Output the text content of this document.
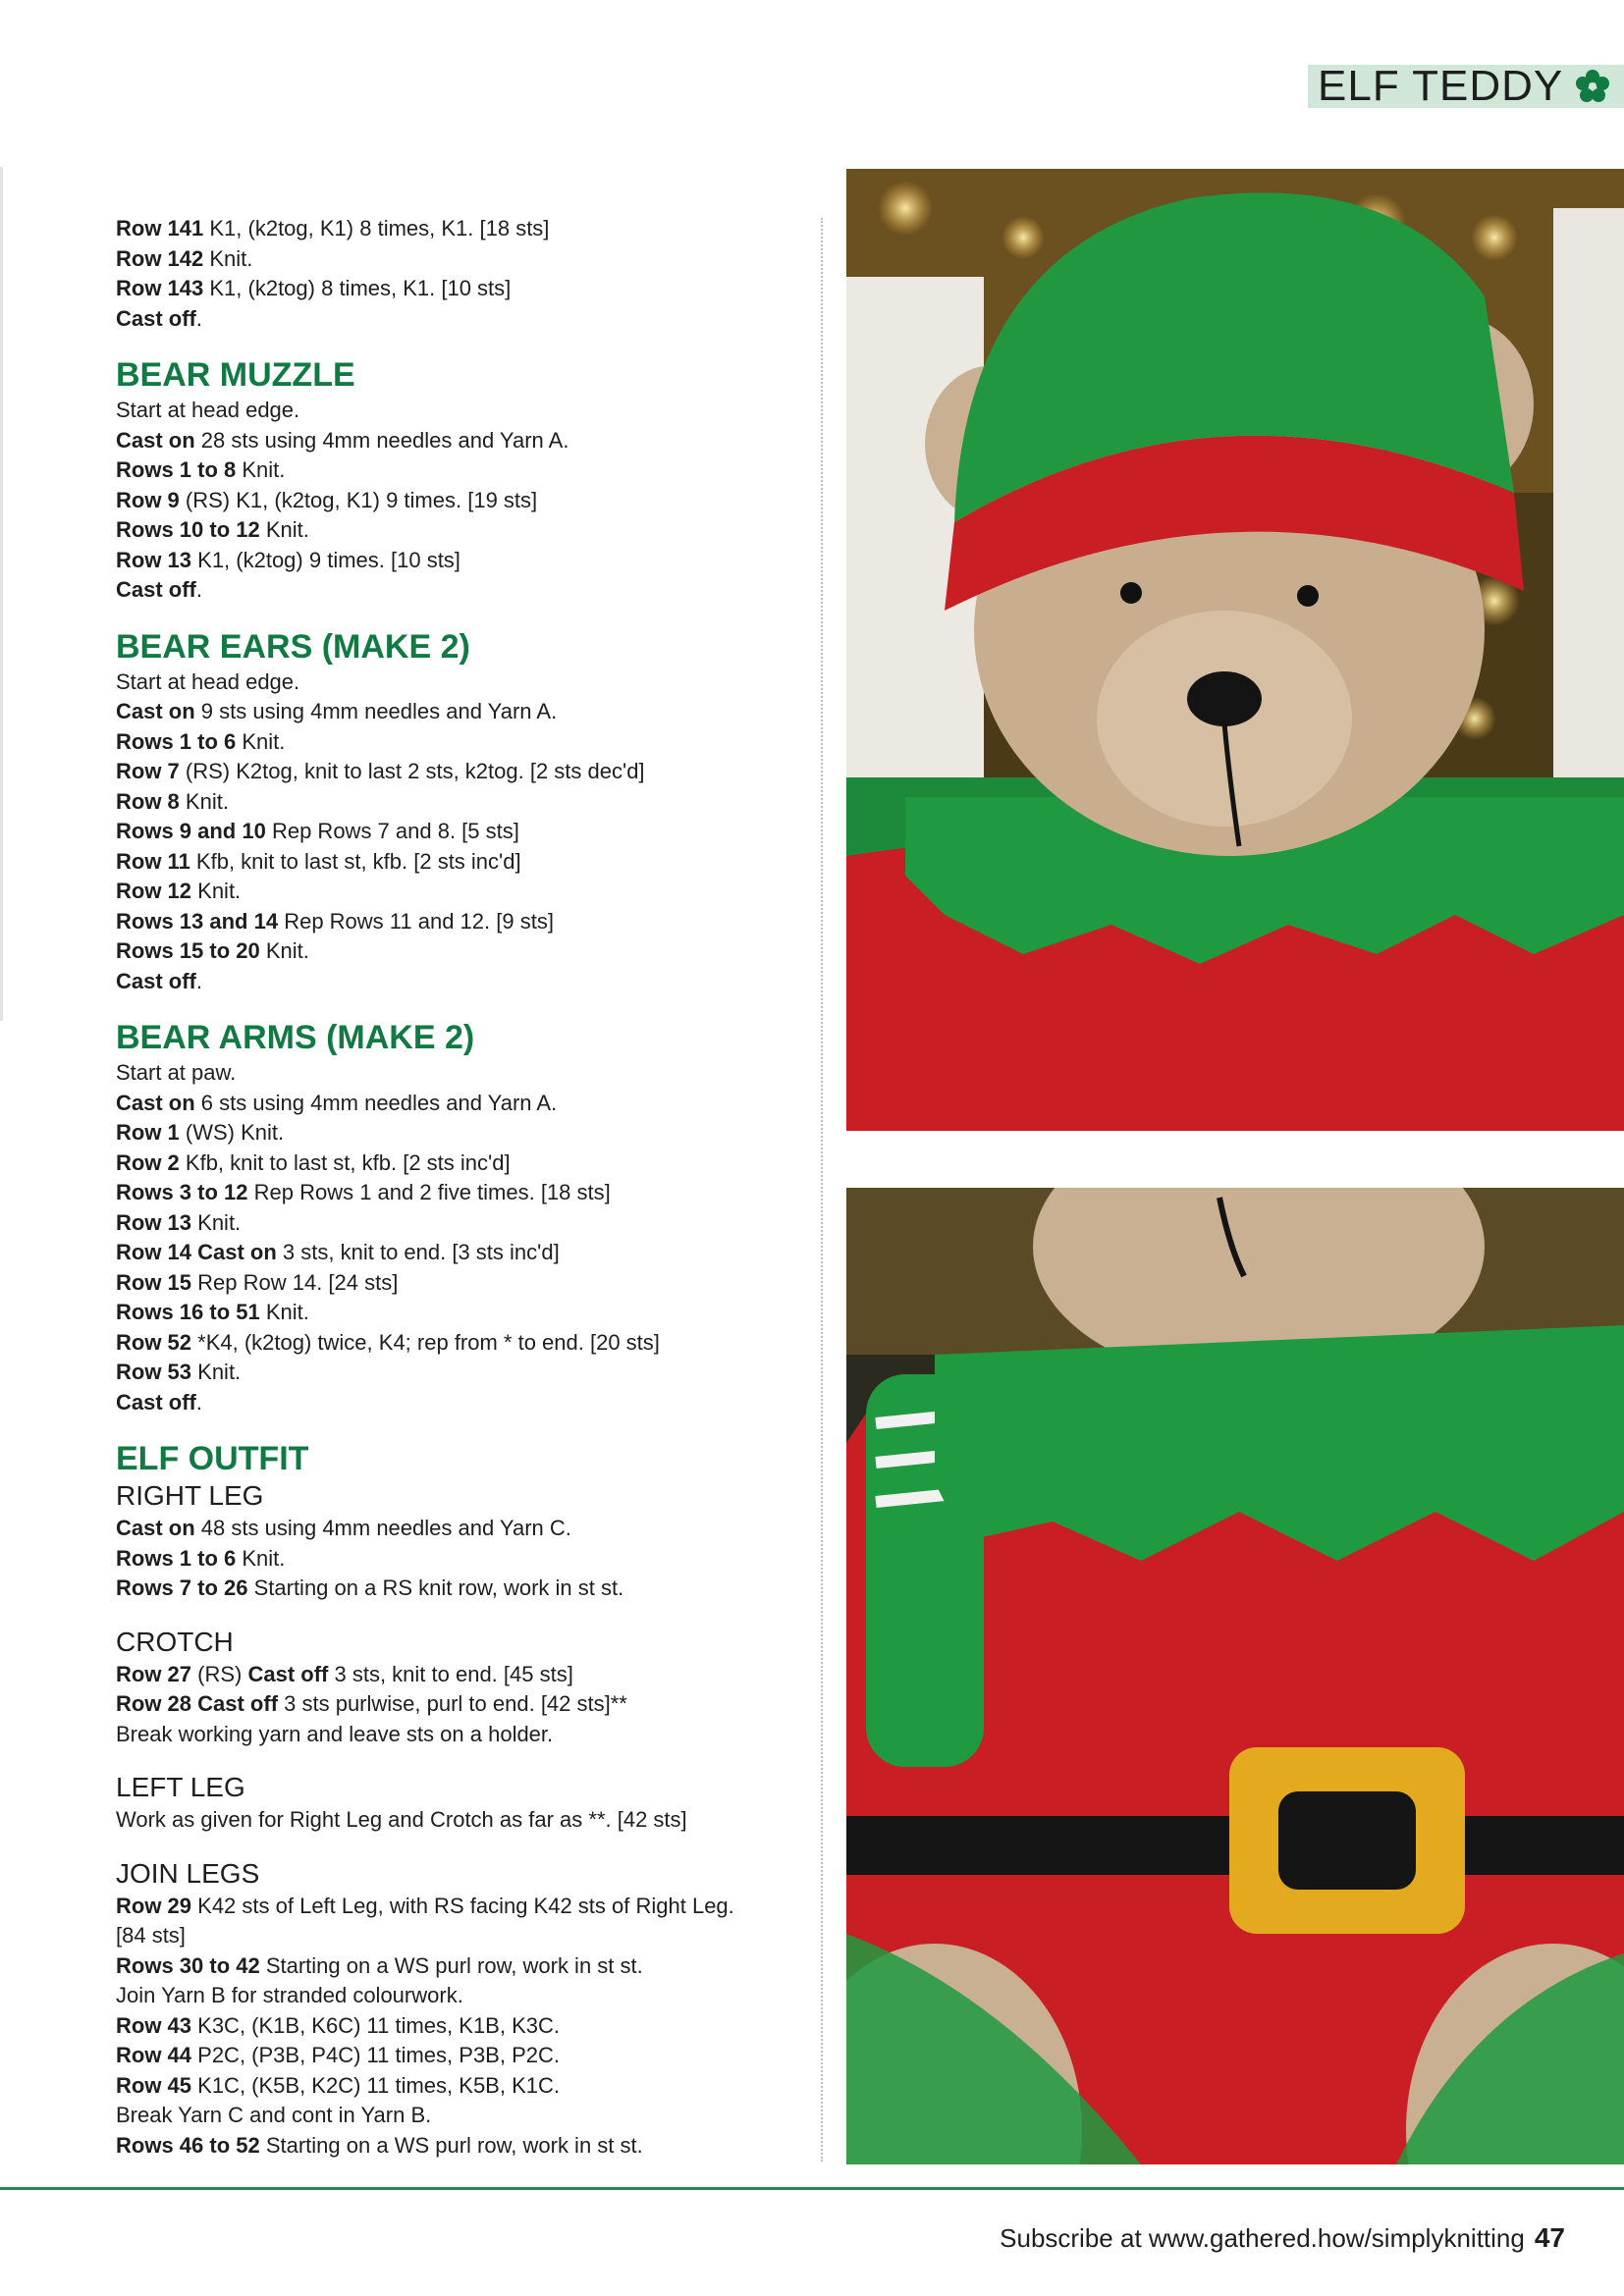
ELF TEDDY
Row 141 K1, (k2tog, K1) 8 times, K1. [18 sts]
Row 142 Knit.
Row 143 K1, (k2tog) 8 times, K1. [10 sts]
Cast off.
BEAR MUZZLE
Start at head edge.
Cast on 28 sts using 4mm needles and Yarn A.
Rows 1 to 8 Knit.
Row 9 (RS) K1, (k2tog, K1) 9 times. [19 sts]
Rows 10 to 12 Knit.
Row 13 K1, (k2tog) 9 times. [10 sts]
Cast off.
BEAR EARS (MAKE 2)
Start at head edge.
Cast on 9 sts using 4mm needles and Yarn A.
Rows 1 to 6 Knit.
Row 7 (RS) K2tog, knit to last 2 sts, k2tog. [2 sts dec'd]
Row 8 Knit.
Rows 9 and 10 Rep Rows 7 and 8. [5 sts]
Row 11 Kfb, knit to last st, kfb. [2 sts inc'd]
Row 12 Knit.
Rows 13 and 14 Rep Rows 11 and 12. [9 sts]
Rows 15 to 20 Knit.
Cast off.
BEAR ARMS (MAKE 2)
Start at paw.
Cast on 6 sts using 4mm needles and Yarn A.
Row 1 (WS) Knit.
Row 2 Kfb, knit to last st, kfb. [2 sts inc'd]
Rows 3 to 12 Rep Rows 1 and 2 five times. [18 sts]
Row 13 Knit.
Row 14 Cast on 3 sts, knit to end. [3 sts inc'd]
Row 15 Rep Row 14. [24 sts]
Rows 16 to 51 Knit.
Row 52 *K4, (k2tog) twice, K4; rep from * to end. [20 sts]
Row 53 Knit.
Cast off.
ELF OUTFIT
RIGHT LEG
Cast on 48 sts using 4mm needles and Yarn C.
Rows 1 to 6 Knit.
Rows 7 to 26 Starting on a RS knit row, work in st st.
CROTCH
Row 27 (RS) Cast off 3 sts, knit to end. [45 sts]
Row 28 Cast off 3 sts purlwise, purl to end. [42 sts]**
Break working yarn and leave sts on a holder.
LEFT LEG
Work as given for Right Leg and Crotch as far as **. [42 sts]
JOIN LEGS
Row 29 K42 sts of Left Leg, with RS facing K42 sts of Right Leg.
[84 sts]
Rows 30 to 42 Starting on a WS purl row, work in st st.
Join Yarn B for stranded colourwork.
Row 43 K3C, (K1B, K6C) 11 times, K1B, K3C.
Row 44 P2C, (P3B, P4C) 11 times, P3B, P2C.
Row 45 K1C, (K5B, K2C) 11 times, K5B, K1C.
Break Yarn C and cont in Yarn B.
Rows 46 to 52 Starting on a WS purl row, work in st st.
Subscribe at www.gathered.how/simplyknitting 47
